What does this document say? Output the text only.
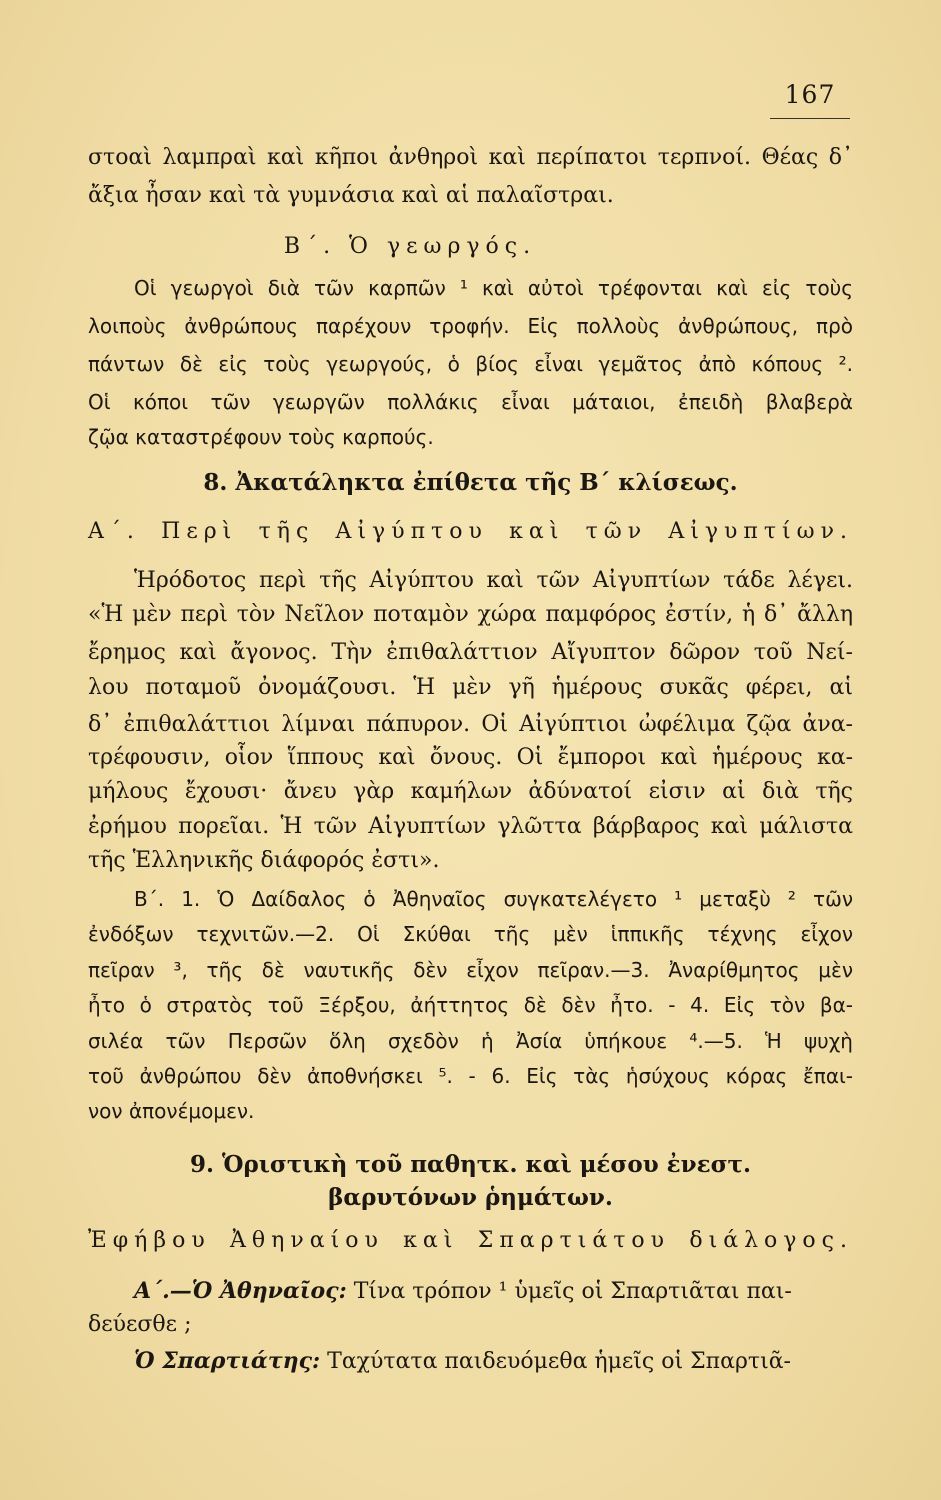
167
στοαὶ λαμπραὶ καὶ κῆποι ἀνθηροὶ καὶ περίπατοι τερπνοί. Θέας δ᾽
ἄξια ἦσαν καὶ τὰ γυμνάσια καὶ αἱ παλαῖστραι.
Β΄. Ὁ γεωργός.
Οἱ γεωργοὶ διὰ τῶν καρπῶν ¹ καὶ αὐτοὶ τρέφονται καὶ εἰς τοὺς
λοιποὺς ἀνθρώπους παρέχουν τροφήν. Εἰς πολλοὺς ἀνθρώπους, πρὸ
πάντων δὲ εἰς τοὺς γεωργούς, ὁ βίος εἶναι γεμᾶτος ἀπὸ κόπους ².
Οἱ κόποι τῶν γεωργῶν πολλάκις εἶναι μάταιοι, ἐπειδὴ βλαβερὰ
ζῷα καταστρέφουν τοὺς καρπούς.
8. Ἀκατάληκτα ἐπίθετα τῆς Β΄ κλίσεως.
Α΄. Περὶ τῆς Αἰγύπτου καὶ τῶν Αἰγυπτίων.
Ἡρόδοτος περὶ τῆς Αἰγύπτου καὶ τῶν Αἰγυπτίων τάδε λέγει.
«Ἡ μὲν περὶ τὸν Νεῖλον ποταμὸν χώρα παμφόρος ἐστίν, ἡ δ᾽ ἄλλη
ἔρημος καὶ ἄγονος. Τὴν ἐπιθαλάττιον Αἴγυπτον δῶρον τοῦ Νεί-
λου ποταμοῦ ὀνομάζουσι. Ἡ μὲν γῆ ἡμέρους συκᾶς φέρει, αἱ
δ᾽ ἐπιθαλάττιοι λίμναι πάπυρον. Οἱ Αἰγύπτιοι ὠφέλιμα ζῷα ἀνα-
τρέφουσιν, οἷον ἵππους καὶ ὄνους. Οἱ ἔμποροι καὶ ἡμέρους κα-
μήλους ἔχουσι· ἄνευ γὰρ καμήλων ἀδύνατοί εἰσιν αἱ διὰ τῆς
ἐρήμου πορεῖαι. Ἡ τῶν Αἰγυπτίων γλῶττα βάρβαρος καὶ μάλιστα
τῆς Ἑλληνικῆς διάφορός ἐστι».
Β΄. 1. Ὁ Δαίδαλος ὁ Ἀθηναῖος συγκατελέγετο ¹ μεταξὺ ² τῶν
ἐνδόξων τεχνιτῶν.—2. Οἱ Σκύθαι τῆς μὲν ἱππικῆς τέχνης εἶχον
πεῖραν ³, τῆς δὲ ναυτικῆς δὲν εἶχον πεῖραν.—3. Ἀναρίθμητος μὲν
ἦτο ὁ στρατὸς τοῦ Ξέρξου, ἀήττητος δὲ δὲν ἦτο. - 4. Εἰς τὸν βα-
σιλέα τῶν Περσῶν ὅλη σχεδὸν ἡ Ἀσία ὑπήκουε ⁴.—5. Ἡ ψυχὴ
τοῦ ἀνθρώπου δὲν ἀποθνήσκει ⁵. - 6. Εἰς τὰς ἡσύχους κόρας ἔπαι-
νον ἀπονέμομεν.
9. Ὁριστικὴ τοῦ παθητκ. καὶ μέσου ἐνεστ.
βαρυτόνων ῥημάτων.
Ἐφήβου Ἀθηναίου καὶ Σπαρτιάτου διάλογος.
Α΄.—Ὁ Ἀθηναῖος: Τίνα τρόπον ¹ ὑμεῖς οἱ Σπαρτιᾶται παι-
δεύεσθε ;
Ὁ Σπαρτιάτης: Ταχύτατα παιδευόμεθα ἡμεῖς οἱ Σπαρτιᾶ-
